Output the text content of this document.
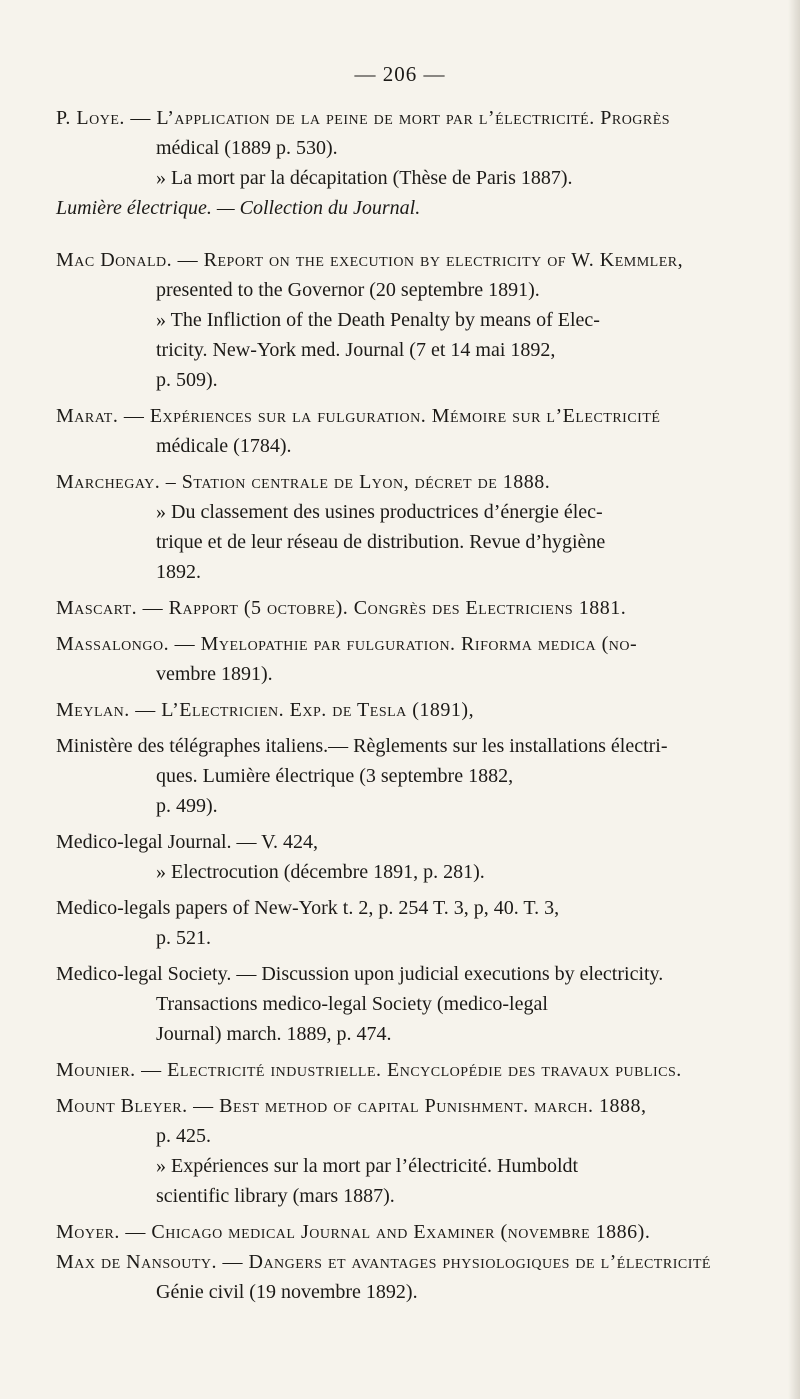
— 206 —

P. Loye. — L’application de la peine de mort par l’électricité. Progrès
médical (1889 p. 530).
» La mort par la décapitation (Thèse de Paris 1887).

Lumière électrique. — Collection du Journal.

Mac Donald. — Report on the execution by electricity of W. Kemmler,
presented to the Governor (20 septembre 1891).
» The Infliction of the Death Penalty by means of Elec-
tricity. New-York med. Journal (7 et 14 mai 1892,
p. 509).

Marat. — Expériences sur la fulguration. Mémoire sur l’Electricité
médicale (1784).

Marchegay. – Station centrale de Lyon, décret de 1888.
» Du classement des usines productrices d’énergie élec-
trique et de leur réseau de distribution. Revue d’hygiène
1892.

Mascart. — Rapport (5 octobre). Congrès des Electriciens 1881.

Massalongo. — Myelopathie par fulguration. Riforma medica (no-
vembre 1891).

Meylan. — L’Electricien. Exp. de Tesla (1891),

Ministère des télégraphes italiens.— Règlements sur les installations électri-
ques. Lumière électrique (3 septembre 1882,
p. 499).

Medico-legal Journal. — V. 424,
» Electrocution (décembre 1891, p. 281).

Medico-legals papers of New-York t. 2, p. 254 T. 3, p, 40. T. 3,
p. 521.

Medico-legal Society. — Discussion upon judicial executions by electricity.
Transactions medico-legal Society (medico-legal
Journal) march. 1889, p. 474.

Mounier. — Electricité industrielle. Encyclopédie des travaux publics.

Mount Bleyer. — Best method of capital Punishment. march. 1888,
p. 425.
» Expériences sur la mort par l’électricité. Humboldt
scientific library (mars 1887).

Moyer. — Chicago medical Journal and Examiner (novembre 1886).
Max de Nansouty. — Dangers et avantages physiologiques de l’électricité
Génie civil (19 novembre 1892).
